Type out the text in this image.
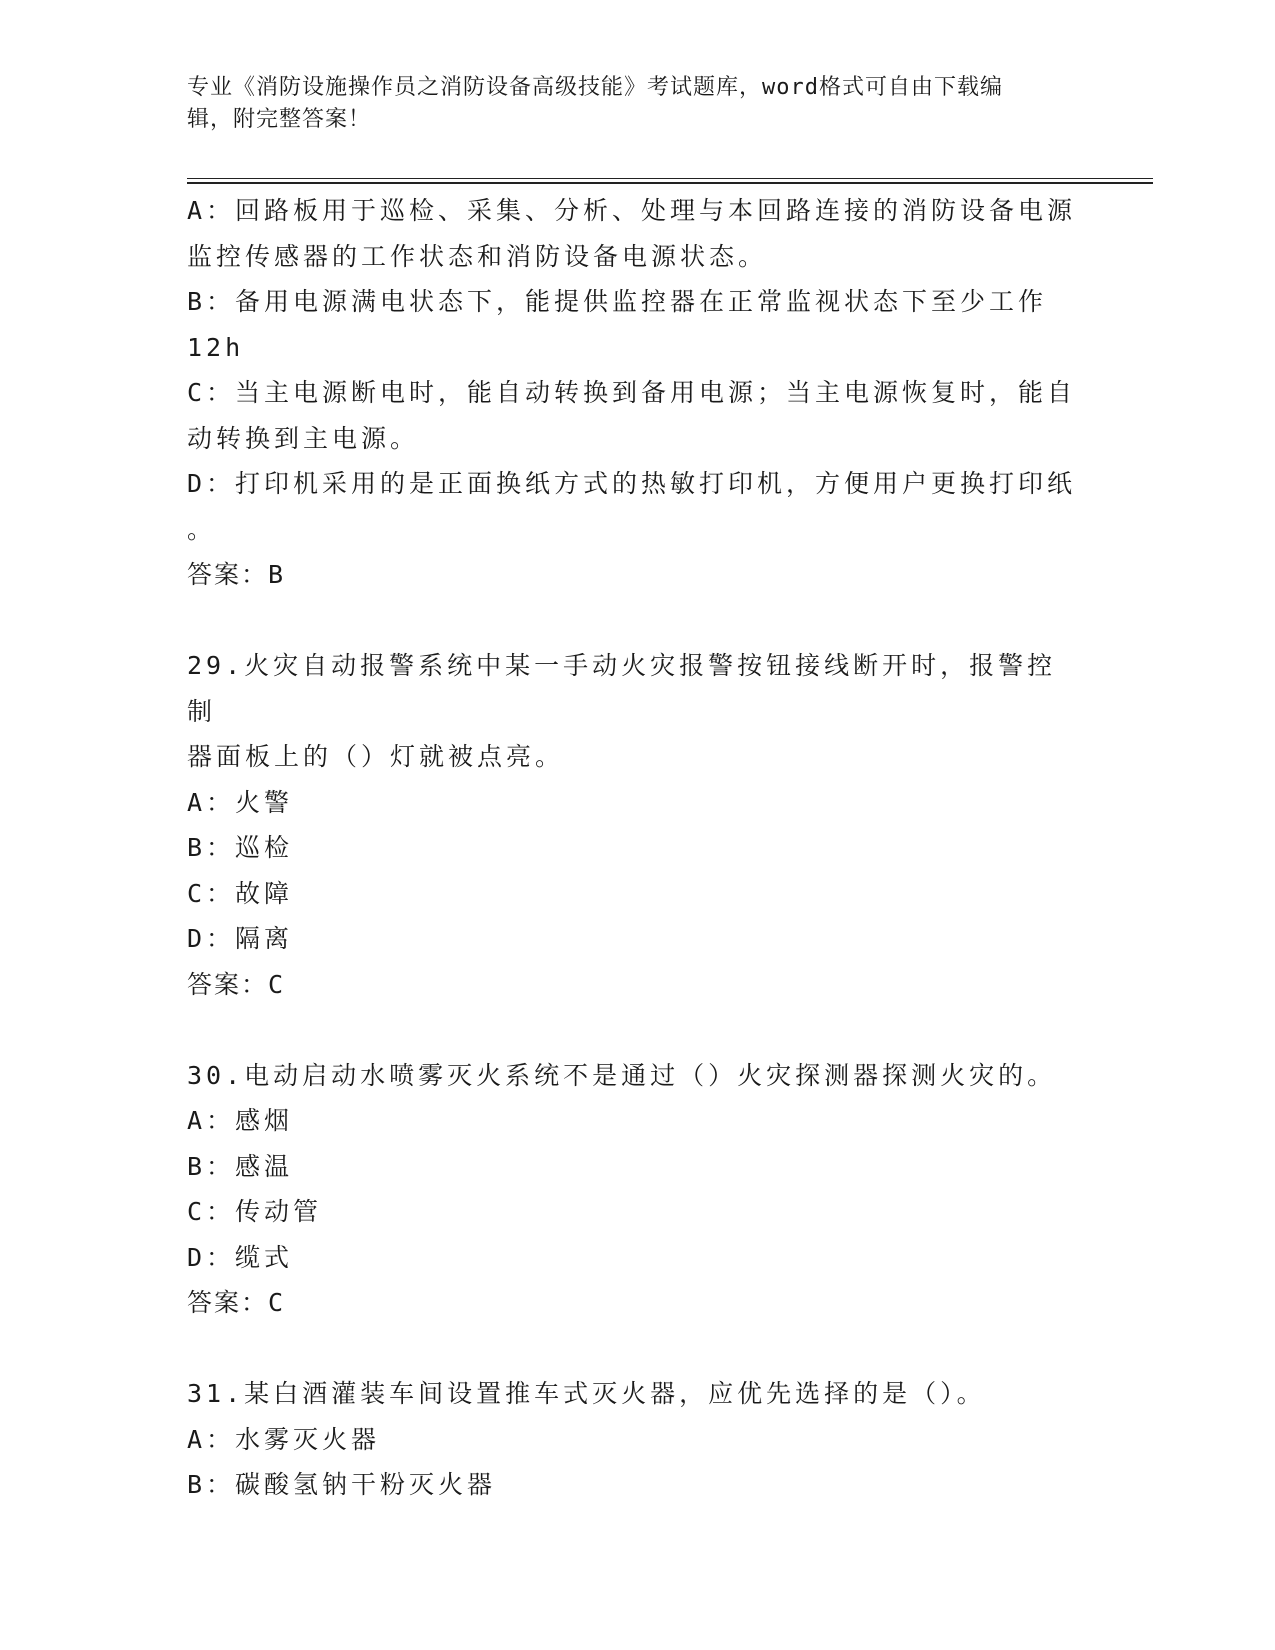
专业《消防设施操作员之消防设备高级技能》考试题库，word格式可自由下载编
辑，附完整答案！
A：回路板用于巡检、采集、分析、处理与本回路连接的消防设备电源
监控传感器的工作状态和消防设备电源状态。
B：备用电源满电状态下，能提供监控器在正常监视状态下至少工作
12h
C：当主电源断电时，能自动转换到备用电源；当主电源恢复时，能自
动转换到主电源。
D：打印机采用的是正面换纸方式的热敏打印机，方便用户更换打印纸
。
答案：B
29.火灾自动报警系统中某一手动火灾报警按钮接线断开时，报警控制
器面板上的（）灯就被点亮。
A：火警
B：巡检
C：故障
D：隔离
答案：C
30.电动启动水喷雾灭火系统不是通过（）火灾探测器探测火灾的。
A：感烟
B：感温
C：传动管
D：缆式
答案：C
31.某白酒灌装车间设置推车式灭火器，应优先选择的是（）。
A：水雾灭火器
B：碳酸氢钠干粉灭火器
